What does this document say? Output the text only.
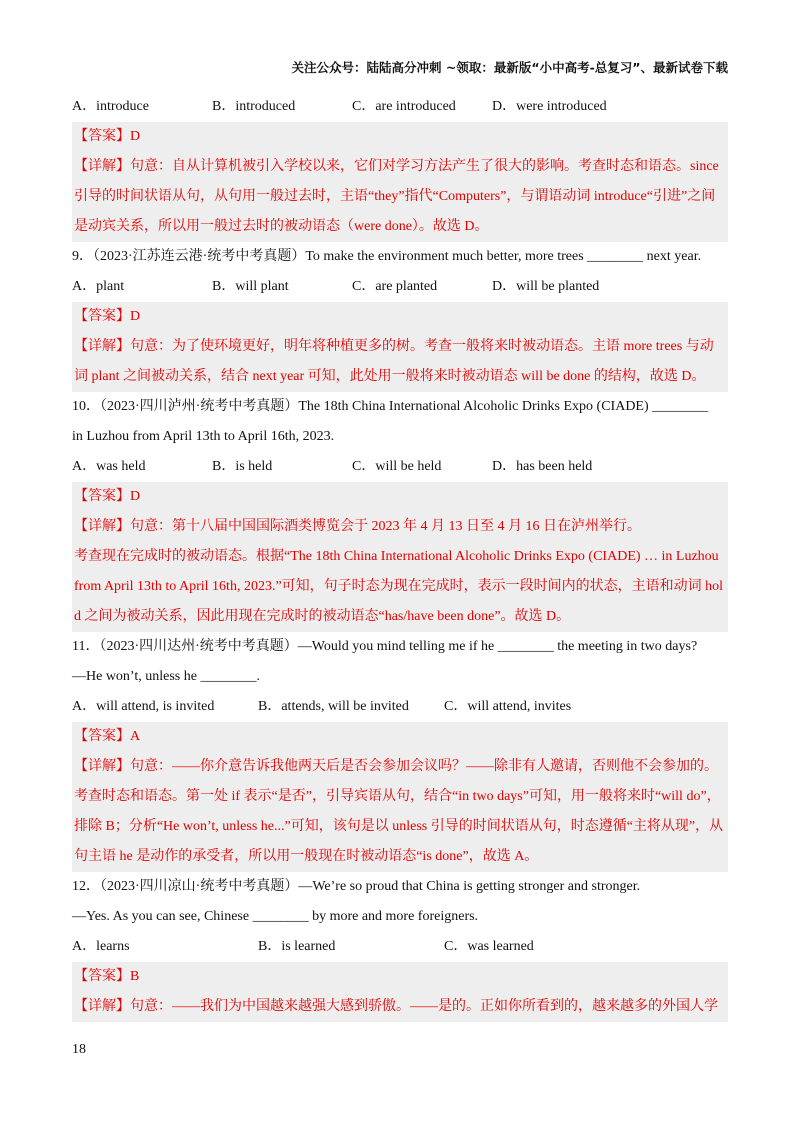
关注公众号：陆陆高分冲刺 ~领取：最新版“小中高考-总复习”、最新试卷下载
A．introduce	B．introduced	C．are introduced	D．were introduced

【答案】D

【详解】句意：自从计算机被引入学校以来，它们对学习方法产生了很大的影响。考查时态和语态。since 引导的时间状语从句，从句用一般过去时，主语“they”指代“Computers”，与谓语动词 introduce“引进”之间是动宾关系，所以用一般过去时的被动语态（were done）。故选 D。

9．（2023·江苏连云港·统考中考真题）To make the environment much better, more trees ________ next year.
A．plant	B．will plant	C．are planted	D．will be planted

【答案】D

【详解】句意：为了使环境更好，明年将种植更多的树。考查一般将来时被动语态。主语 more trees 与动词 plant 之间被动关系，结合 next year 可知，此处用一般将来时被动语态 will be done 的结构，故选 D。

10．（2023·四川泸州·统考中考真题）The 18th China International Alcoholic Drinks Expo (CIADE) ________
in Luzhou from April 13th to April 16th, 2023.
A．was held	B．is held	C．will be held	D．has been held

【答案】D

【详解】句意：第十八届中国国际酒类博览会于 2023 年 4 月 13 日至 4 月 16 日在泸州举行。

考查现在完成时的被动语态。根据“The 18th China International Alcoholic Drinks Expo (CIADE) … in Luzhou from April 13th to April 16th, 2023.”可知，句子时态为现在完成时，表示一段时间内的状态，主语和动词 hold 之间为被动关系，因此用现在完成时的被动语态“has/have been done”。故选 D。

11．（2023·四川达州·统考中考真题）—Would you mind telling me if he ________ the meeting in two days?
—He won’t, unless he ________.
A．will attend, is invited	B．attends, will be invited	C．will attend, invites

【答案】A

【详解】句意：——你介意告诉我他两天后是否会参加会议吗？——除非有人邀请，否则他不会参加的。考查时态和语态。第一处 if 表示“是否”，引导宾语从句，结合“in two days”可知，用一般将来时“will do”，排除 B；分析“He won’t, unless he...”可知，该句是以 unless 引导的时间状语从句，时态遵循“主将从现”，从句主语 he 是动作的承受者，所以用一般现在时被动语态“is done”，故选 A。

12．（2023·四川凉山·统考中考真题）—We’re so proud that China is getting stronger and stronger.
—Yes. As you can see, Chinese ________ by more and more foreigners.
A．learns	B．is learned	C．was learned

【答案】B

【详解】句意：——我们为中国越来越强大感到骄傲。——是的。正如你所看到的，越来越多的外国人学

18
